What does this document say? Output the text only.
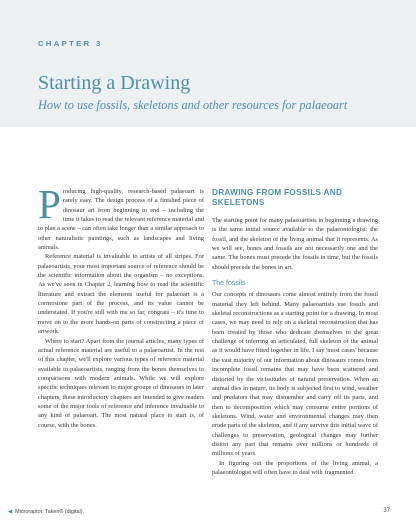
CHAPTER 3
Starting a Drawing
How to use fossils, skeletons and other resources for palaeoart

Producing high-quality, research-based palaeoart is rarely easy. The design process of a finished piece of dinosaur art from beginning to end – including the time it takes to read the relevant reference material and to plan a scene – can often take longer than a similar approach to other naturalistic paintings, such as landscapes and living animals.

Reference material is invaluable to artists of all stripes. For palaeoartists, your most important source of reference should be the scientific information about the organism – no exceptions. As we've seen in Chapter 2, learning how to read the scientific literature and extract the elements useful for palaeoart is a cornerstone part of the process, and its value cannot be understated. If you're still with me so far, congrats – it's time to move on to the more hands-on parts of constructing a piece of artwork.

Where to start? Apart from the journal articles, many types of actual reference material are useful to a palaeoartist. In the rest of this chapter, we'll explore various types of reference material available to palaeoartists, ranging from the bones themselves to comparisons with modern animals. While we will explore specific techniques relevant to major groups of dinosaurs in later chapters, these introductory chapters are intended to give readers some of the major tools of reference and inference invaluable to any kind of palaeoart. The most natural place to start is, of course, with the bones.

DRAWING FROM FOSSILS AND SKELETONS

The starting point for many palaeoartists in beginning a drawing is the same initial source available to the palaeontologist: the fossil, and the skeleton of the living animal that it represents. As we will see, bones and fossils are not necessarily one and the same. The bones must precede the fossils in time, but the fossils should precede the bones in art.

The fossils

Our concepts of dinosaurs come almost entirely from the fossil material they left behind. Many palaeoartists use fossils and skeletal reconstructions as a starting point for a drawing. In most cases, we may need to rely on a skeletal reconstruction that has been created by those who dedicate themselves to the great challenge of inferring an articulated, full skeleton of the animal as it would have fitted together in life. I say 'most cases' because the vast majority of our information about dinosaurs comes from incomplete fossil remains that may have been scattered and distorted by the vicissitudes of natural preservation. When an animal dies in nature, its body is subjected first to wind, weather and predators that may dismember and carry off its parts, and then to decomposition which may consume entire portions of skeletons. Wind, water and environmental changes may then erode parts of the skeleton, and if any survive this initial wave of challenges to preservation, geological changes may further distort any part that remains over millions or hundreds of millions of years.

In figuring out the proportions of the living animal, a palaeontologist will often have to deal with fragmented

◀ Microraptor. Taken® (digital).	37
